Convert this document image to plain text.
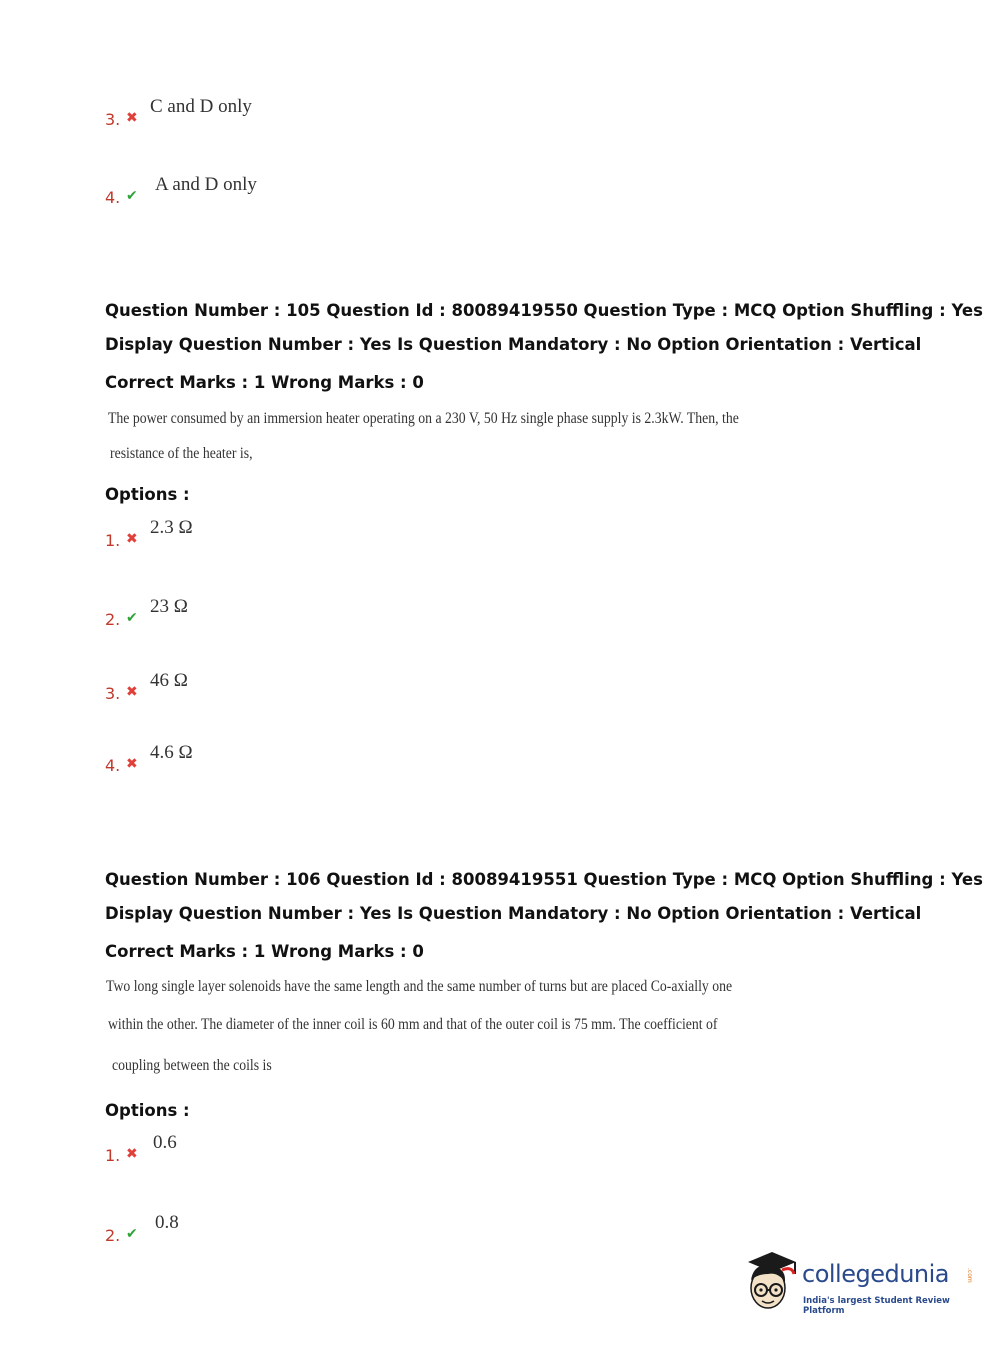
3. ✖
C and D only
4. ✔
A and D only
Question Number : 105 Question Id : 80089419550 Question Type : MCQ Option Shuffling : Yes
Display Question Number : Yes Is Question Mandatory : No Option Orientation : Vertical
Correct Marks : 1 Wrong Marks : 0
The power consumed by an immersion heater operating on a 230 V, 50 Hz single phase supply is 2.3kW. Then, the
resistance of the heater is,
Options :
1. ✖
2.3 Ω
2. ✔
23 Ω
3. ✖
46 Ω
4. ✖
4.6 Ω
Question Number : 106 Question Id : 80089419551 Question Type : MCQ Option Shuffling : Yes
Display Question Number : Yes Is Question Mandatory : No Option Orientation : Vertical
Correct Marks : 1 Wrong Marks : 0
Two long single layer solenoids have the same length and the same number of turns but are placed Co-axially one
within the other. The diameter of the inner coil is 60 mm and that of the outer coil is 75 mm. The coefficient of
coupling between the coils is
Options :
1. ✖
0.6
2. ✔
0.8
collegedunia	.com
India's largest Student Review Platform
